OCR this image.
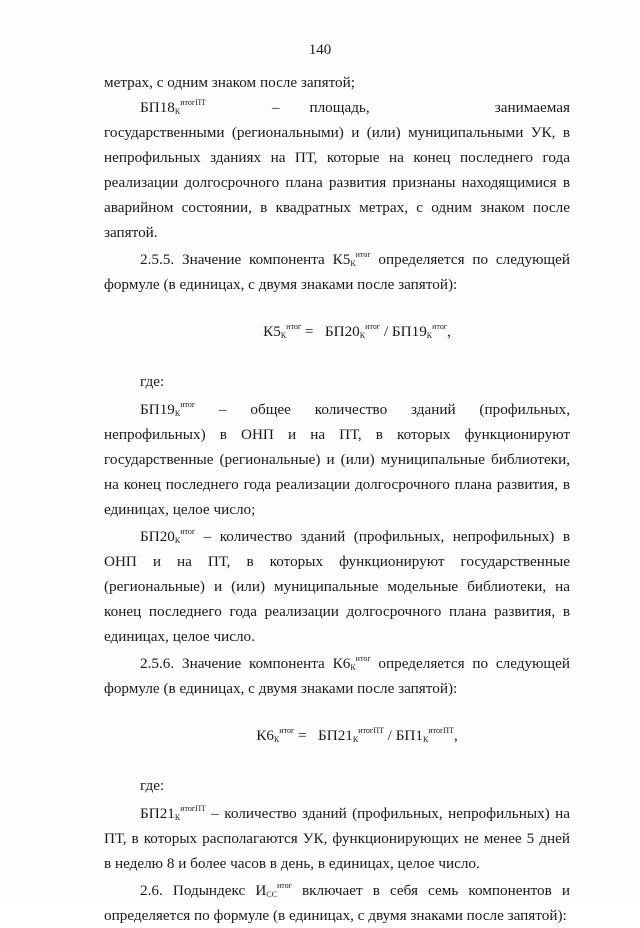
140

метрах, с одним знаком после запятой;

$БП18_К^{итогПТ}$	– площадь, занимаемая государственными (региональными) и (или) муниципальными УК, в непрофильных зданиях на ПТ, которые на конец последнего года реализации долгосрочного плана развития признаны находящимися в аварийном состоянии, в квадратных метрах, с одним знаком после запятой.

2.5.5. Значение компонента $К5_К^{итог}$ определяется по следующей формуле (в единицах, с двумя знаками после запятой):

$К5_К^{итог} = БП20_К^{итог} / БП19_К^{итог}$,

где:

$БП19_К^{итог}$ – общее количество зданий (профильных, непрофильных) в ОНП и на ПТ, в которых функционируют государственные (региональные) и (или) муниципальные библиотеки, на конец последнего года реализации долгосрочного плана развития, в единицах, целое число;

$БП20_К^{итог}$ – количество зданий (профильных, непрофильных) в ОНП и на ПТ, в которых функционируют государственные (региональные) и (или) муниципальные модельные библиотеки, на конец последнего года реализации долгосрочного плана развития, в единицах, целое число.

2.5.6. Значение компонента $К6_К^{итог}$ определяется по следующей формуле (в единицах, с двумя знаками после запятой):

$К6_К^{итог} = БП21_К^{итогПТ} / БП1_К^{итогПТ}$,

где:

$БП21_К^{итогПТ}$ – количество зданий (профильных, непрофильных) на ПТ, в которых располагаются УК, функционирующих не менее 5 дней в неделю 8 и более часов в день, в единицах, целое число.

2.6. Подындекс $И_{СС}^{итог}$ включает в себя семь компонентов и определяется по формуле (в единицах, с двумя знаками после запятой):
